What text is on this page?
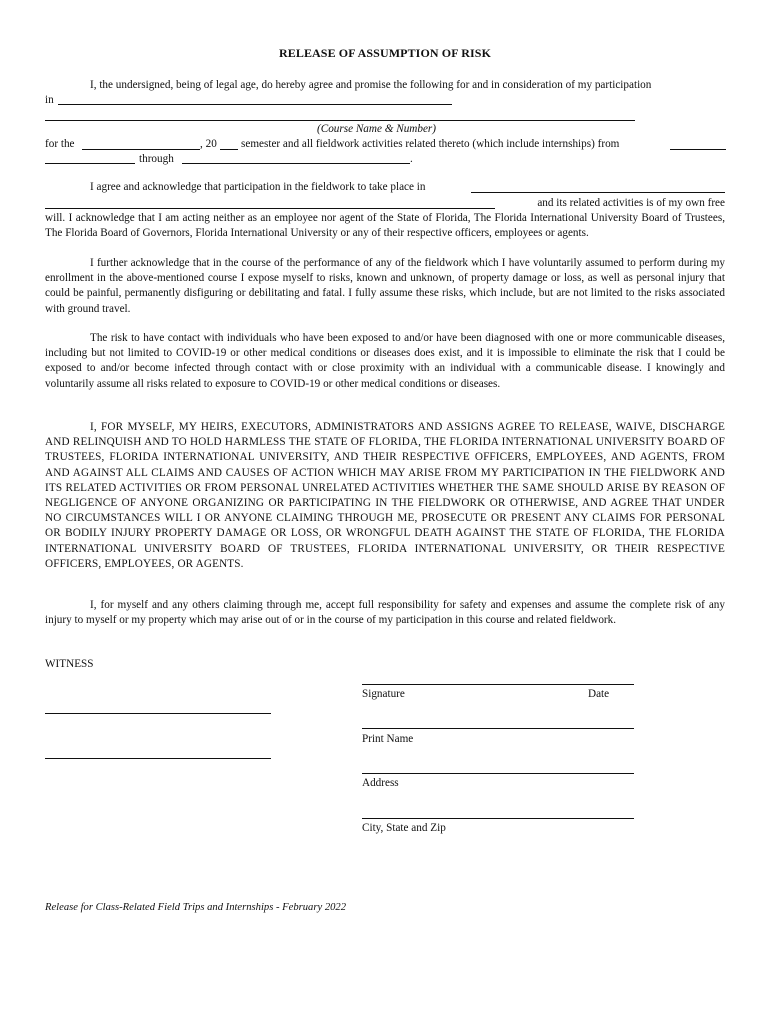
RELEASE OF ASSUMPTION OF RISK
I, the undersigned, being of legal age, do hereby agree and promise the following for and in consideration of my participation
in
(Course Name & Number)
for the	, 20 semester and all fieldwork activities related thereto (which include internships) from
through	.
I agree and acknowledge that participation in the fieldwork to take place in
and its related activities is of my own free
will. I acknowledge that I am acting neither as an employee nor agent of the State of Florida, The Florida International University Board of Trustees, The Florida Board of Governors, Florida International University or any of their respective officers, employees or agents.
I further acknowledge that in the course of the performance of any of the fieldwork which I have voluntarily assumed to perform during my enrollment in the above-mentioned course I expose myself to risks, known and unknown, of property damage or loss, as well as personal injury that could be painful, permanently disfiguring or debilitating and fatal. I fully assume these risks, which include, but are not limited to the risks associated with ground travel.
The risk to have contact with individuals who have been exposed to and/or have been diagnosed with one or more communicable diseases, including but not limited to COVID-19 or other medical conditions or diseases does exist, and it is impossible to eliminate the risk that I could be exposed to and/or become infected through contact with or close proximity with an individual with a communicable disease. I knowingly and voluntarily assume all risks related to exposure to COVID-19 or other medical conditions or diseases.
I, FOR MYSELF, MY HEIRS, EXECUTORS, ADMINISTRATORS AND ASSIGNS AGREE TO RELEASE, WAIVE, DISCHARGE AND RELINQUISH AND TO HOLD HARMLESS THE STATE OF FLORIDA, THE FLORIDA INTERNATIONAL UNIVERSITY BOARD OF TRUSTEES, FLORIDA INTERNATIONAL UNIVERSITY, AND THEIR RESPECTIVE OFFICERS, EMPLOYEES, AND AGENTS, FROM AND AGAINST ALL CLAIMS AND CAUSES OF ACTION WHICH MAY ARISE FROM MY PARTICIPATION IN THE FIELDWORK AND ITS RELATED ACTIVITIES OR FROM PERSONAL UNRELATED ACTIVITIES WHETHER THE SAME SHOULD ARISE BY REASON OF NEGLIGENCE OF ANYONE ORGANIZING OR PARTICIPATING IN THE FIELDWORK OR OTHERWISE, AND AGREE THAT UNDER NO CIRCUMSTANCES WILL I OR ANYONE CLAIMING THROUGH ME, PROSECUTE OR PRESENT ANY CLAIMS FOR PERSONAL OR BODILY INJURY PROPERTY DAMAGE OR LOSS, OR WRONGFUL DEATH AGAINST THE STATE OF FLORIDA, THE FLORIDA INTERNATIONAL UNIVERSITY BOARD OF TRUSTEES, FLORIDA INTERNATIONAL UNIVERSITY, OR THEIR RESPECTIVE OFFICERS, EMPLOYEES, OR AGENTS.
I, for myself and any others claiming through me, accept full responsibility for safety and expenses and assume the complete risk of any injury to myself or my property which may arise out of or in the course of my participation in this course and related fieldwork.
WITNESS
Signature	Date
Print Name
Address
City, State and Zip
Release for Class-Related Field Trips and Internships - February 2022
